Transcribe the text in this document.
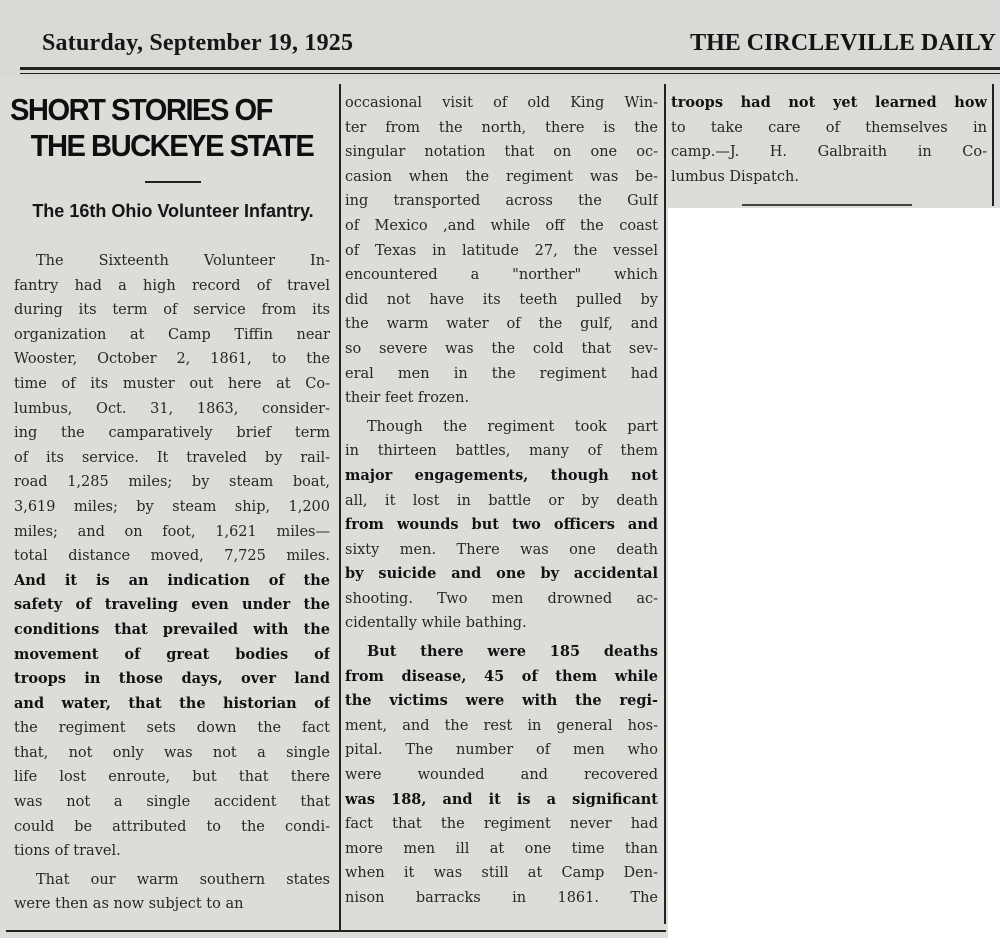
Saturday, September 19, 1925	THE CIRCLEVILLE DAILY
SHORT STORIES OF
THE BUCKEYE STATE
The 16th Ohio Volunteer Infantry.
The Sixteenth Volunteer In-
fantry had a high record of travel
during its term of service from its
organization at Camp Tiffin near
Wooster, October 2, 1861, to the
time of its muster out here at Co-
lumbus, Oct. 31, 1863, consider-
ing the camparatively brief term
of its service. It traveled by rail-
road 1,285 miles; by steam boat,
3,619 miles; by steam ship, 1,200
miles; and on foot, 1,621 miles—
total distance moved, 7,725 miles.
And it is an indication of the
safety of traveling even under the
conditions that prevailed with the
movement of great bodies of
troops in those days, over land
and water, that the historian of
the regiment sets down the fact
that, not only was not a single
life lost enroute, but that there
was not a single accident that
could be attributed to the condi-
tions of travel.
That our warm southern states
were then as now subject to an
occasional visit of old King Win-
ter from the north, there is the
singular notation that on one oc-
casion when the regiment was be-
ing transported across the Gulf
of Mexico ,and while off the coast
of Texas in latitude 27, the vessel
encountered a "norther" which
did not have its teeth pulled by
the warm water of the gulf, and
so severe was the cold that sev-
eral men in the regiment had
their feet frozen.
Though the regiment took part
in thirteen battles, many of them
major engagements, though not
all, it lost in battle or by death
from wounds but two officers and
sixty men. There was one death
by suicide and one by accidental
shooting. Two men drowned ac-
cidentally while bathing.
But there were 185 deaths
from disease, 45 of them while
the victims were with the regi-
ment, and the rest in general hos-
pital. The number of men who
were wounded and recovered
was 188, and it is a significant
fact that the regiment never had
more men ill at one time than
when it was still at Camp Den-
nison barracks in 1861. The
troops had not yet learned how
to take care of themselves in
camp.—J. H. Galbraith in Co-
lumbus Dispatch.
